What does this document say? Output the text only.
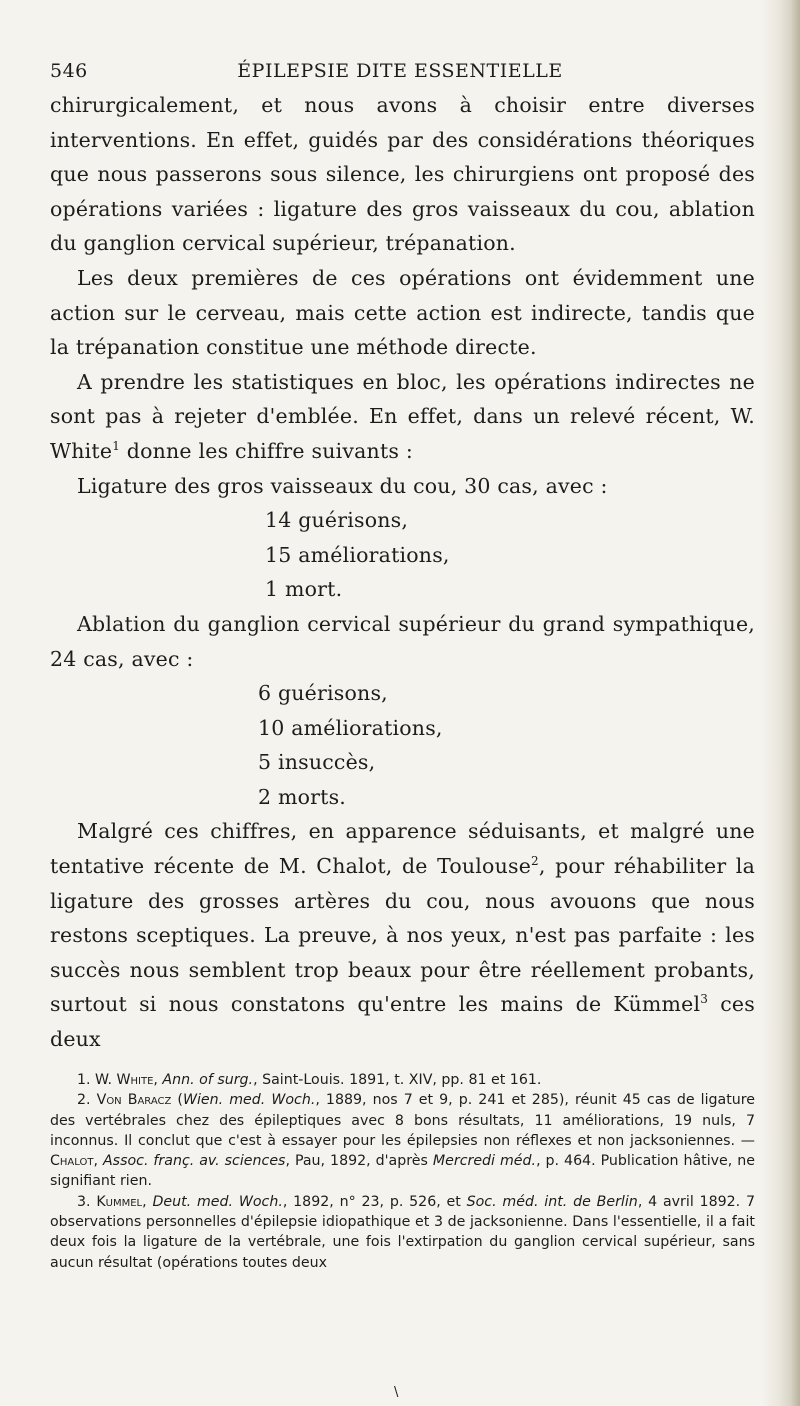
546	ÉPILEPSIE DITE ESSENTIELLE

chirurgicalement, et nous avons à choisir entre diverses interventions. En effet, guidés par des considérations théoriques que nous passerons sous silence, les chirurgiens ont proposé des opérations variées : ligature des gros vaisseaux du cou, ablation du ganglion cervical supérieur, trépanation.

Les deux premières de ces opérations ont évidemment une action sur le cerveau, mais cette action est indirecte, tandis que la trépanation constitue une méthode directe.

A prendre les statistiques en bloc, les opérations indirectes ne sont pas à rejeter d'emblée. En effet, dans un relevé récent, W. White$^1$ donne les chiffre suivants :

Ligature des gros vaisseaux du cou, 30 cas, avec :

14 guérisons,
15 améliorations,
1 mort.

Ablation du ganglion cervical supérieur du grand sympathique, 24 cas, avec :

6 guérisons,
10 améliorations,
5 insuccès,
2 morts.

Malgré ces chiffres, en apparence séduisants, et malgré une tentative récente de M. Chalot, de Toulouse$^2$, pour réhabiliter la ligature des grosses artères du cou, nous avouons que nous restons sceptiques. La preuve, à nos yeux, n'est pas parfaite : les succès nous semblent trop beaux pour être réellement probants, surtout si nous constatons qu'entre les mains de Kümmel$^3$ ces deux

1. W. White, Ann. of surg., Saint-Louis. 1891, t. XIV, pp. 81 et 161.

2. Von Baracz (Wien. med. Woch., 1889, nos 7 et 9, p. 241 et 285), réunit 45 cas de ligature des vertébrales chez des épileptiques avec 8 bons résultats, 11 améliorations, 19 nuls, 7 inconnus. Il conclut que c'est à essayer pour les épilepsies non réflexes et non jacksoniennes. — Chalot, Assoc. franç. av. sciences, Pau, 1892, d'après Mercredi méd., p. 464. Publication hâtive, ne signifiant rien.

3. Kummel, Deut. med. Woch., 1892, n° 23, p. 526, et Soc. méd. int. de Berlin, 4 avril 1892. 7 observations personnelles d'épilepsie idiopathique et 3 de jacksonienne. Dans l'essentielle, il a fait deux fois la ligature de la vertébrale, une fois l'extirpation du ganglion cervical supérieur, sans aucun résultat (opérations toutes deux

\
